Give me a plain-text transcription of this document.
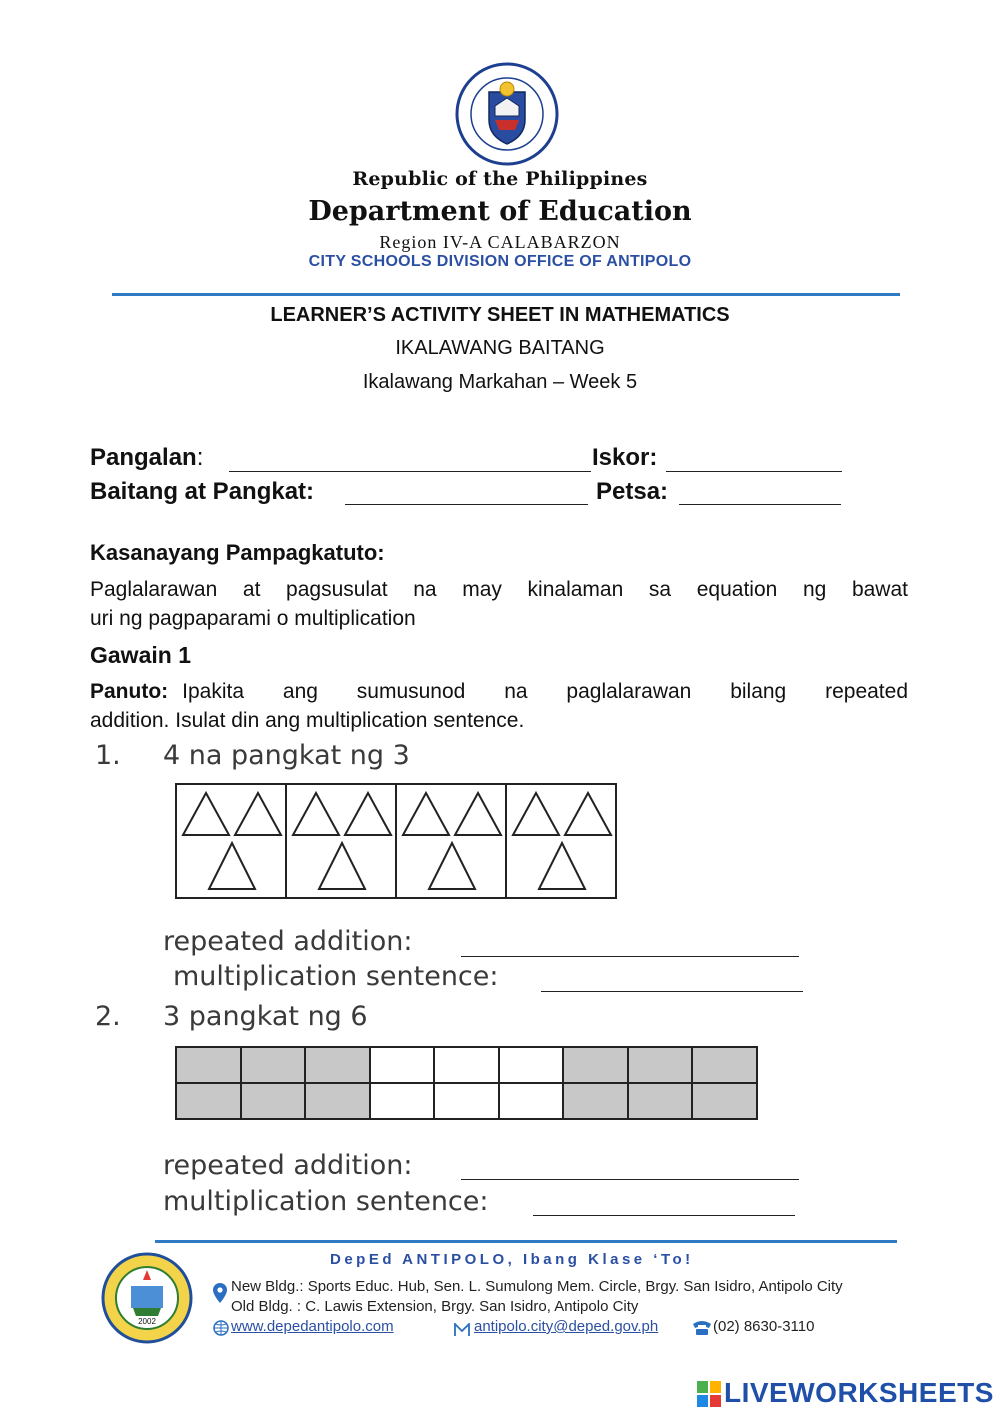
Republic of the Philippines
Department of Education
Region IV-A CALABARZON
CITY SCHOOLS DIVISION OFFICE OF ANTIPOLO
LEARNER’S ACTIVITY SHEET IN MATHEMATICS
IKALAWANG BAITANG
Ikalawang Markahan – Week 5
Pangalan:	Iskor:
Baitang at Pangkat:	Petsa:
Kasanayang Pampagkatuto:
Paglalarawan at pagsusulat na may kinalaman sa equation ng bawat
uri ng pagpaparami o multiplication
Gawain 1
Panuto: Ipakita ang sumusunod na paglalarawan bilang repeated
addition. Isulat din ang multiplication sentence.
1. 4 na pangkat ng 3
repeated addition:
multiplication sentence:
2. 3 pangkat ng 6
repeated addition:
multiplication sentence:
DepEd ANTIPOLO, Ibang Klase ‘To!
2002
New Bldg.: Sports Educ. Hub, Sen. L. Sumulong Mem. Circle, Brgy. San Isidro, Antipolo City
Old Bldg. : C. Lawis Extension, Brgy. San Isidro, Antipolo City
www.depedantipolo.com	antipolo.city@deped.gov.ph	(02) 8630-3110
LIVEWORKSHEETS
